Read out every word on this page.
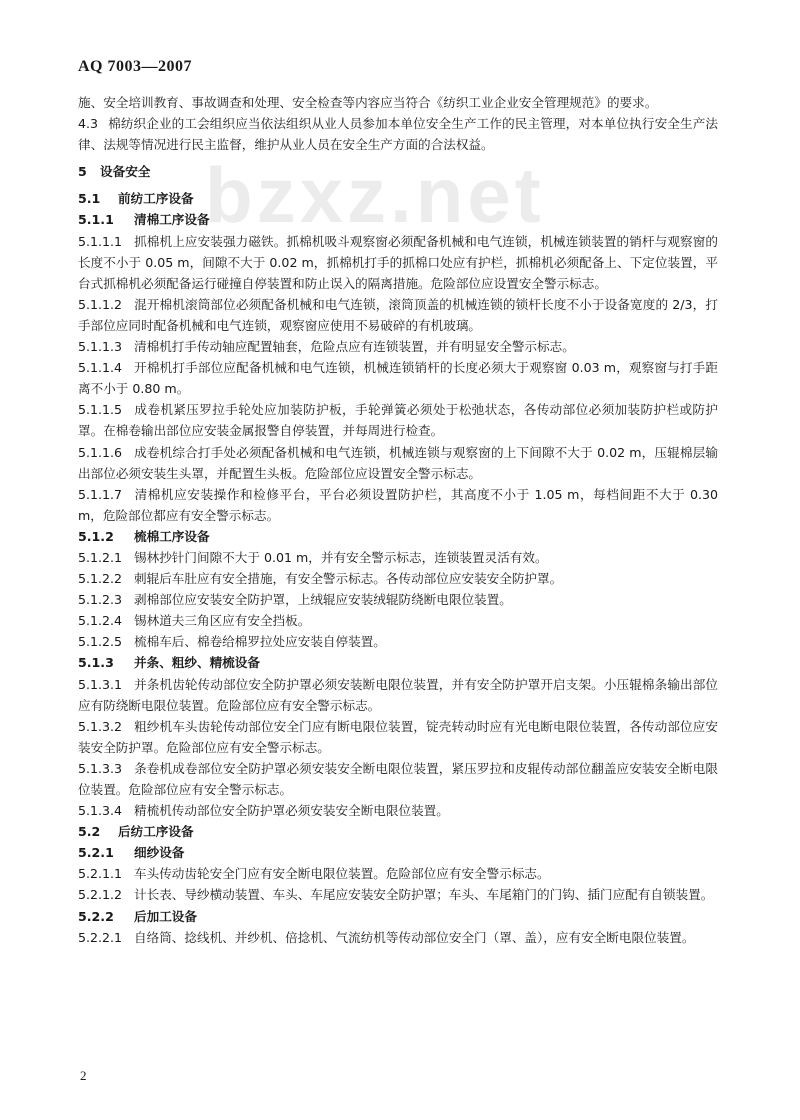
AQ 7003—2007
bzxz.net
施、安全培训教育、事故调查和处理、安全检查等内容应当符合《纺织工业企业安全管理规范》的要求。
4.3 棉纺织企业的工会组织应当依法组织从业人员参加本单位安全生产工作的民主管理，对本单位执行安全生产法律、法规等情况进行民主监督，维护从业人员在安全生产方面的合法权益。
5 设备安全
5.1 前纺工序设备
5.1.1 清棉工序设备
5.1.1.1 抓棉机上应安装强力磁铁。抓棉机吸斗观察窗必须配备机械和电气连锁，机械连锁装置的销杆与观察窗的长度不小于 0.05 m，间隙不大于 0.02 m，抓棉机打手的抓棉口处应有护栏，抓棉机必须配备上、下定位装置，平台式抓棉机必须配备运行碰撞自停装置和防止误入的隔离措施。危险部位应设置安全警示标志。
5.1.1.2 混开棉机滚筒部位必须配备机械和电气连锁，滚筒顶盖的机械连锁的锁杆长度不小于设备宽度的 2/3，打手部位应同时配备机械和电气连锁，观察窗应使用不易破碎的有机玻璃。
5.1.1.3 清棉机打手传动轴应配置轴套，危险点应有连锁装置，并有明显安全警示标志。
5.1.1.4 开棉机打手部位应配备机械和电气连锁，机械连锁销杆的长度必须大于观察窗 0.03 m，观察窗与打手距离不小于 0.80 m。
5.1.1.5 成卷机紧压罗拉手轮处应加装防护板，手轮弹簧必须处于松弛状态，各传动部位必须加装防护栏或防护罩。在棉卷输出部位应安装金属报警自停装置，并每周进行检查。
5.1.1.6 成卷机综合打手处必须配备机械和电气连锁，机械连锁与观察窗的上下间隙不大于 0.02 m，压辊棉层输出部位必须安装生头罩，并配置生头板。危险部位应设置安全警示标志。
5.1.1.7 清棉机应安装操作和检修平台，平台必须设置防护栏，其高度不小于 1.05 m，每档间距不大于 0.30 m，危险部位都应有安全警示标志。
5.1.2 梳棉工序设备
5.1.2.1 锡林抄针门间隙不大于 0.01 m，并有安全警示标志，连锁装置灵活有效。
5.1.2.2 刺辊后车肚应有安全措施，有安全警示标志。各传动部位应安装安全防护罩。
5.1.2.3 剥棉部位应安装安全防护罩，上绒辊应安装绒辊防绕断电限位装置。
5.1.2.4 锡林道夫三角区应有安全挡板。
5.1.2.5 梳棉车后、棉卷给棉罗拉处应安装自停装置。
5.1.3 并条、粗纱、精梳设备
5.1.3.1 并条机齿轮传动部位安全防护罩必须安装断电限位装置，并有安全防护罩开启支架。小压辊棉条输出部位应有防绕断电限位装置。危险部位应有安全警示标志。
5.1.3.2 粗纱机车头齿轮传动部位安全门应有断电限位装置，锭壳转动时应有光电断电限位装置，各传动部位应安装安全防护罩。危险部位应有安全警示标志。
5.1.3.3 条卷机成卷部位安全防护罩必须安装安全断电限位装置，紧压罗拉和皮辊传动部位翻盖应安装安全断电限位装置。危险部位应有安全警示标志。
5.1.3.4 精梳机传动部位安全防护罩必须安装安全断电限位装置。
5.2 后纺工序设备
5.2.1 细纱设备
5.2.1.1 车头传动齿轮安全门应有安全断电限位装置。危险部位应有安全警示标志。
5.2.1.2 计长表、导纱横动装置、车头、车尾应安装安全防护罩；车头、车尾箱门的门钩、插门应配有自锁装置。
5.2.2 后加工设备
5.2.2.1 自络筒、捻线机、并纱机、倍捻机、气流纺机等传动部位安全门（罩、盖），应有安全断电限位装置。
2
